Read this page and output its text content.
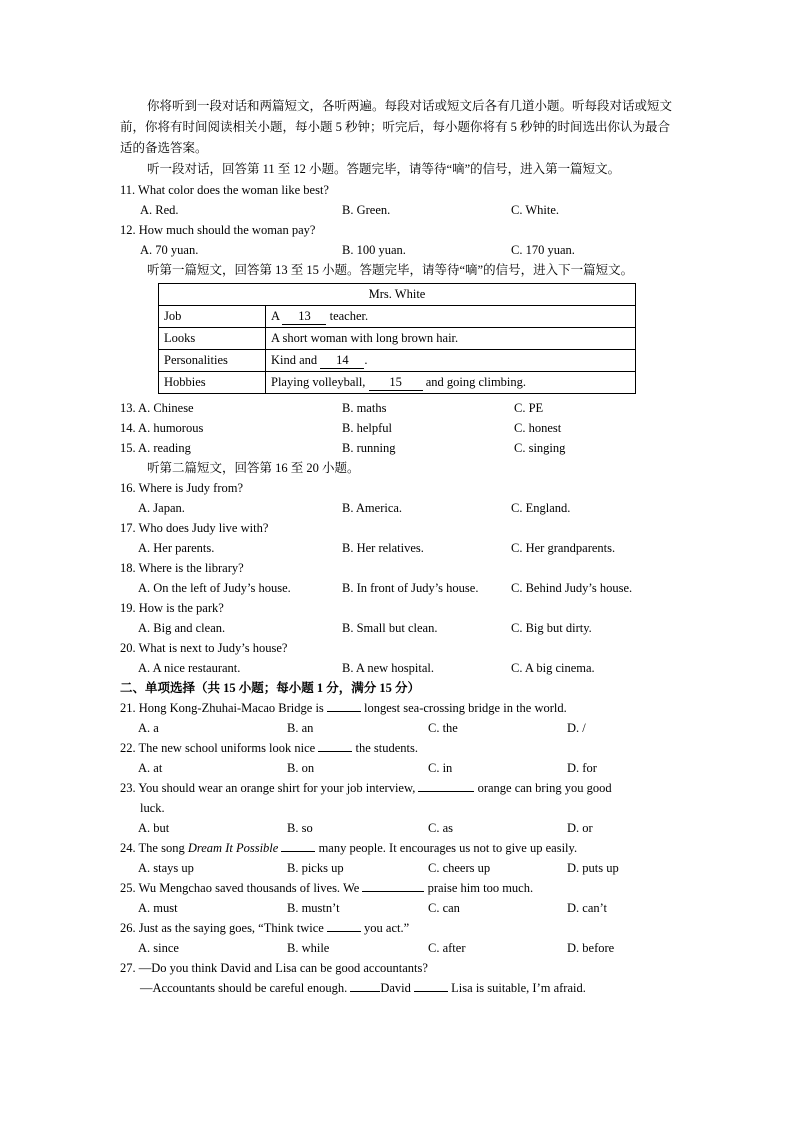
你将听到一段对话和两篇短文，各听两遍。每段对话或短文后各有几道小题。听每段对话或短文前，你将有时间阅读相关小题，每小题 5 秒钟；听完后，每小题你将有 5 秒钟的时间选出你认为最合适的备选答案。

听一段对话，回答第 11 至 12 小题。答题完毕，请等待“嘀”的信号，进入第一篇短文。

11. What color does the woman like best?
A. Red.	B. Green.	C. White.
12. How much should the woman pay?
A. 70 yuan.	B. 100 yuan.	C. 170 yuan.

听第一篇短文，回答第 13 至 15 小题。答题完毕，请等待“嘀”的信号，进入下一篇短文。

Mrs. White	
Job	A 13 teacher.
Looks	A short woman with long brown hair.
Personalities	Kind and 14 .
Hobbies	Playing volleyball, 15 and going climbing.
13. A. Chinese	B. maths	C. PE
14. A. humorous	B. helpful	C. honest
15. A. reading	B. running	C. singing
听第二篇短文，回答第 16 至 20 小题。
16. Where is Judy from?
A. Japan.	B. America.	C. England.
17. Who does Judy live with?
A. Her parents.	B. Her relatives.	C. Her grandparents.
18. Where is the library?
A. On the left of Judy’s house.	B. In front of Judy’s house.	C. Behind Judy’s house.
19. How is the park?
A. Big and clean.	B. Small but clean.	C. Big but dirty.
20. What is next to Judy’s house?
A. A nice restaurant.	B. A new hospital.	C. A big cinema.
二、单项选择（共 15 小题；每小题 1 分，满分 15 分）
21. Hong Kong-Zhuhai-Macao Bridge is	longest sea-crossing bridge in the world.
A. a	B. an	C. the	D. /
22. The new school uniforms look nice	the students.
A. at	B. on	C. in	D. for
23. You should wear an orange shirt for your job interview,	orange can bring you good
luck.
A. but	B. so	C. as	D. or
24. The song Dream It Possible	many people. It encourages us not to give up easily.
A. stays up	B. picks up	C. cheers up	D. puts up
25. Wu Mengchao saved thousands of lives. We	praise him too much.
A. must	B. mustn’t	C. can	D. can’t
26. Just as the saying goes, “Think twice	you act.”
A. since	B. while	C. after	D. before
27. —Do you think David and Lisa can be good accountants?
—Accountants should be careful enough. David	Lisa is suitable, I’m afraid.
